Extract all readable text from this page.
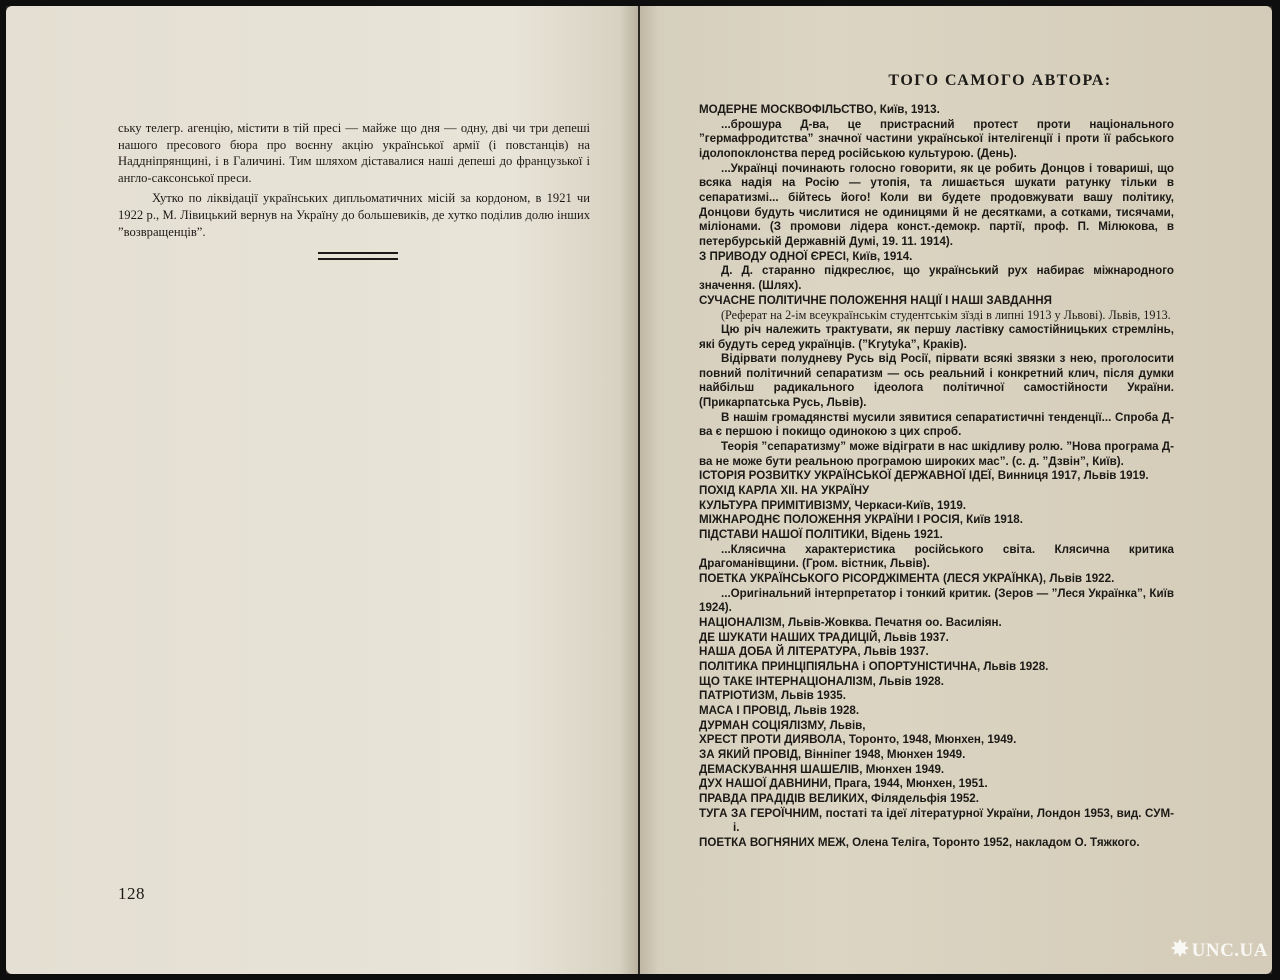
ську телегр. агенцію, містити в тій пресі — майже що дня — одну, дві чи три депеші нашого пресового бюра про воєнну акцію української армії (і повстанців) на Наддніпрянщині, і в Галичині. Тим шляхом діставалися наші депеші до французької і англо-саксонської преси.

Хутко по ліквідації українських дипльоматичних місій за кордоном, в 1921 чи 1922 р., М. Лівицький вернув на Україну до большевиків, де хутко поділив долю інших ”возвращенців”.

128
ТОГО САМОГО АВТОРА:

МОДЕРНЕ МОСКВОФІЛЬСТВО, Київ, 1913.

...брошура Д-ва, це пристрасний протест проти національного ”гермафродитства” значної частини української інтелігенції і проти її рабського ідолопоклонства перед російською культурою. (День).

...Українці починають голосно говорити, як це робить Донцов і товариші, що всяка надія на Росію — утопія, та лишається шукати ратунку тільки в сепаратизмі... бійтесь його! Коли ви будете продовжувати вашу політику, Донцови будуть числитися не одиницями й не десятками, а сотками, тисячами, міліонами. (З промови лідера конст.-демокр. партії, проф. П. Мілюкова, в петербурській Державній Думі, 19. 11. 1914).

З ПРИВОДУ ОДНОЇ ЄРЕСІ, Київ, 1914.

Д. Д. старанно підкреслює, що український рух набирає міжнародного значення. (Шлях).

СУЧАСНЕ ПОЛІТИЧНЕ ПОЛОЖЕННЯ НАЦІЇ І НАШІ ЗАВДАННЯ

(Реферат на 2-ім всеукраїнськім студентськім зїзді в липні 1913 у Львові). Львів, 1913.

Цю річ належить трактувати, як першу ластівку самостійницьких стремлінь, які будуть серед українців. (”Kгytyka”, Краків).

Відірвати полудневу Русь від Росії, пірвати всякі звязки з нею, проголосити повний політичний сепаратизм — ось реальний і конкретний клич, після думки найбільш радикального ідеолога політичної самостійности України. (Прикарпатська Русь, Львів).

В нашім громадянстві мусили зявитися сепаратистичні тенденції... Спроба Д-ва є першою і покищо одинокою з цих спроб.

Теорія ”сепаратизму” може відіграти в нас шкідливу ролю. ”Нова програма Д-ва не може бути реальною програмою широких мас”. (с. д. ”Дзвін”, Київ).

ІСТОРІЯ РОЗВИТКУ УКРАЇНСЬКОЇ ДЕРЖАВНОЇ ІДЕЇ, Винниця 1917, Львів 1919.

ПОХІД КАРЛА XII. НА УКРАЇНУ

КУЛЬТУРА ПРИМІТИВІЗМУ, Черкаси-Київ, 1919.

МІЖНАРОДНЄ ПОЛОЖЕННЯ УКРАЇНИ І РОСІЯ, Київ 1918.

ПІДСТАВИ НАШОЇ ПОЛІТИКИ, Відень 1921.

...Клясична характеристика російського світа. Клясична критика Драгоманівщини. (Гром. вістник, Львів).

ПОЕТКА УКРАЇНСЬКОГО РІСОРДЖІМЕНТА (ЛЕСЯ УКРАЇНКА), Львів 1922.

...Оригінальний інтерпретатор і тонкий критик. (Зеров — ”Леся Українка”, Київ 1924).

НАЦІОНАЛІЗМ, Львів-Жовква. Печатня оо. Василіян.

ДЕ ШУКАТИ НАШИХ ТРАДИЦІЙ, Львів 1937.

НАША ДОБА Й ЛІТЕРАТУРА, Львів 1937.

ПОЛІТИКА ПРИНЦІПІЯЛЬНА і ОПОРТУНІСТИЧНА, Львів 1928.

ЩО ТАКЕ ІНТЕРНАЦІОНАЛІЗМ, Львів 1928.

ПАТРІОТИЗМ, Львів 1935.

МАСА І ПРОВІД, Львів 1928.

ДУРМАН СОЦІЯЛІЗМУ, Львів,

ХРЕСТ ПРОТИ ДИЯВОЛА, Торонто, 1948, Мюнхен, 1949.

ЗА ЯКИЙ ПРОВІД, Вінніпег 1948, Мюнхен 1949.

ДЕМАСКУВАННЯ ШАШЕЛІВ, Мюнхен 1949.

ДУХ НАШОЇ ДАВНИНИ, Прага, 1944, Мюнхен, 1951.

ПРАВДА ПРАДІДІВ ВЕЛИКИХ, Філядельфія 1952.

ТУГА ЗА ГЕРОЇЧНИМ, постаті та ідеї літературної України, Лондон 1953, вид. СУМ-і.

ПОЕТКА ВОГНЯНИХ МЕЖ, Олена Теліга, Торонто 1952, накладом О. Тяжкого.

✸ UNC.UA
